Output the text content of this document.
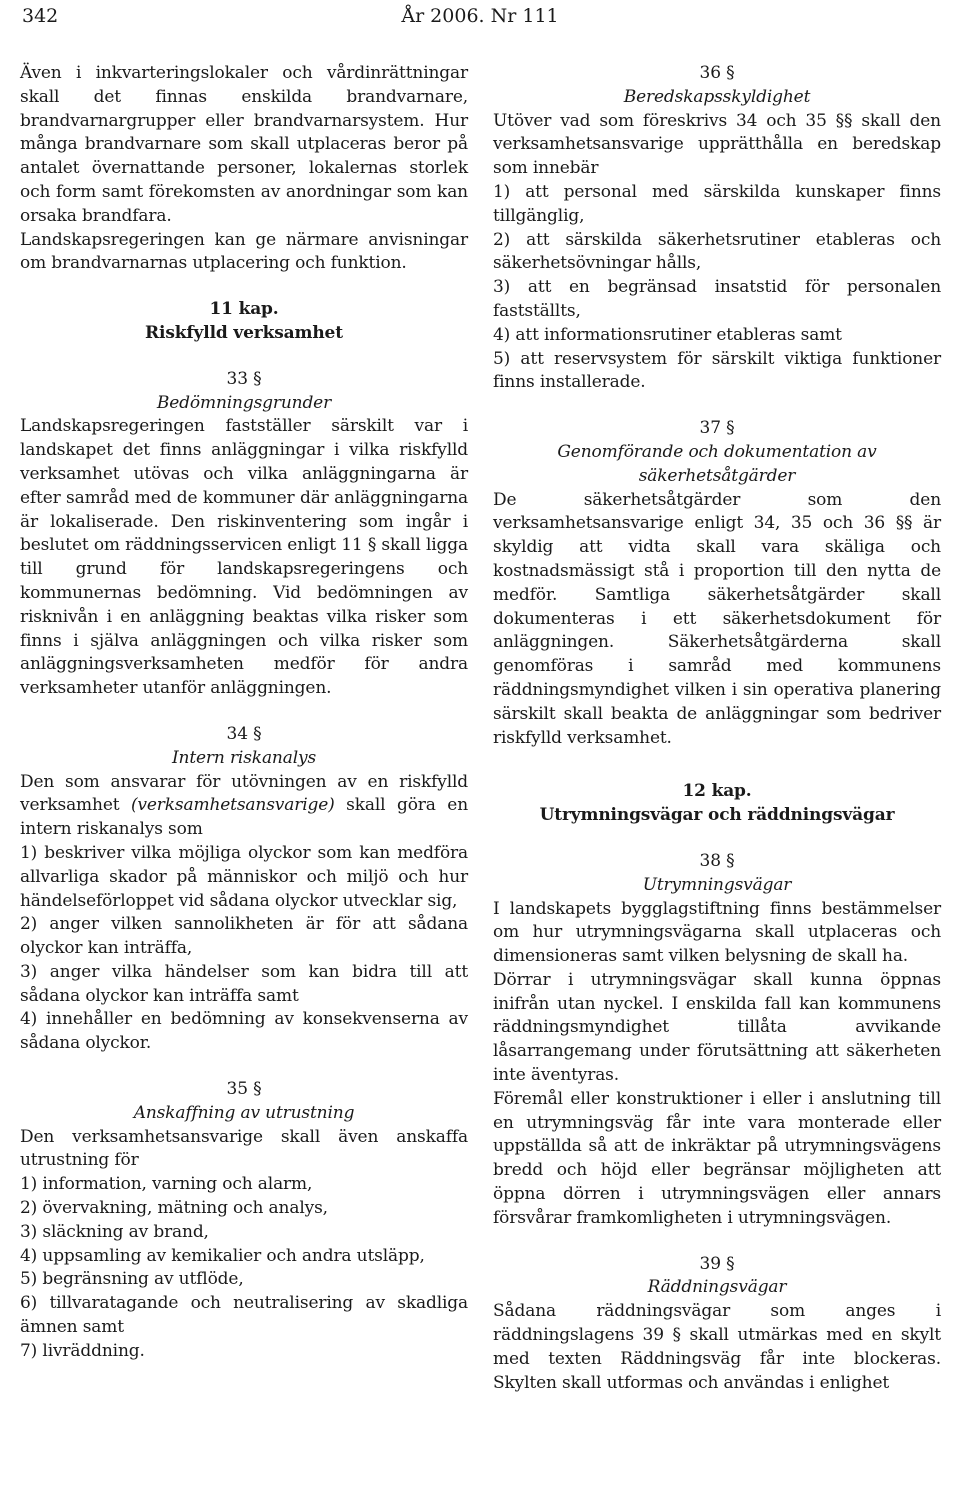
342	År 2006. Nr 111

Även i inkvarteringslokaler och vårdinrättningar skall det finnas enskilda brandvarnare, brandvarnargrupper eller brandvarnarsystem. Hur många brandvarnare som skall utplaceras beror på antalet övernattande personer, lokalernas storlek och form samt förekomsten av anordningar som kan orsaka brandfara.

Landskapsregeringen kan ge närmare anvisningar om brandvarnarnas utplacering och funktion.

11 kap.

Riskfylld verksamhet

33 §

Bedömningsgrunder

Landskapsregeringen fastställer särskilt var i landskapet det finns anläggningar i vilka riskfylld verksamhet utövas och vilka anläggningarna är efter samråd med de kommuner där anläggningarna är lokaliserade. Den riskinventering som ingår i beslutet om räddningsservicen enligt 11 § skall ligga till grund för landskapsregeringens och kommunernas bedömning. Vid bedömningen av risknivån i en anläggning beaktas vilka risker som finns i själva anläggningen och vilka risker som anläggningsverksamheten medför för andra verksamheter utanför anläggningen.

34 §

Intern riskanalys

Den som ansvarar för utövningen av en riskfylld verksamhet (verksamhetsansvarige) skall göra en intern riskanalys som

1) beskriver vilka möjliga olyckor som kan medföra allvarliga skador på människor och miljö och hur händelseförloppet vid sådana olyckor utvecklar sig,

2) anger vilken sannolikheten är för att sådana olyckor kan inträffa,

3) anger vilka händelser som kan bidra till att sådana olyckor kan inträffa samt

4) innehåller en bedömning av konsekvenserna av sådana olyckor.

35 §

Anskaffning av utrustning

Den verksamhetsansvarige skall även anskaffa utrustning för

1) information, varning och alarm,

2) övervakning, mätning och analys,

3) släckning av brand,

4) uppsamling av kemikalier och andra utsläpp,

5) begränsning av utflöde,

6) tillvaratagande och neutralisering av skadliga ämnen samt

7) livräddning.

36 §

Beredskapsskyldighet

Utöver vad som föreskrivs 34 och 35 §§ skall den verksamhetsansvarige upprätthålla en beredskap som innebär

1) att personal med särskilda kunskaper finns tillgänglig,

2) att särskilda säkerhetsrutiner etableras och säkerhetsövningar hålls,

3) att en begränsad insatstid för personalen fastställts,

4) att informationsrutiner etableras samt

5) att reservsystem för särskilt viktiga funktioner finns installerade.

37 §

Genomförande och dokumentation av säkerhetsåtgärder

De säkerhetsåtgärder som den verksamhetsansvarige enligt 34, 35 och 36 §§ är skyldig att vidta skall vara skäliga och kostnadsmässigt stå i proportion till den nytta de medför. Samtliga säkerhetsåtgärder skall dokumenteras i ett säkerhetsdokument för anläggningen. Säkerhetsåtgärderna skall genomföras i samråd med kommunens räddningsmyndighet vilken i sin operativa planering särskilt skall beakta de anläggningar som bedriver riskfylld verksamhet.

12 kap.

Utrymningsvägar och räddningsvägar

38 §

Utrymningsvägar

I landskapets bygglagstiftning finns bestämmelser om hur utrymningsvägarna skall utplaceras och dimensioneras samt vilken belysning de skall ha.

Dörrar i utrymningsvägar skall kunna öppnas inifrån utan nyckel. I enskilda fall kan kommunens räddningsmyndighet tillåta avvikande låsarrangemang under förutsättning att säkerheten inte äventyras.

Föremål eller konstruktioner i eller i anslutning till en utrymningsväg får inte vara monterade eller uppställda så att de inkräktar på utrymningsvägens bredd och höjd eller begränsar möjligheten att öppna dörren i utrymningsvägen eller annars försvårar framkomligheten i utrymningsvägen.

39 §

Räddningsvägar

Sådana räddningsvägar som anges i räddningslagens 39 § skall utmärkas med en skylt med texten Räddningsväg får inte blockeras. Skylten skall utformas och användas i enlighet
